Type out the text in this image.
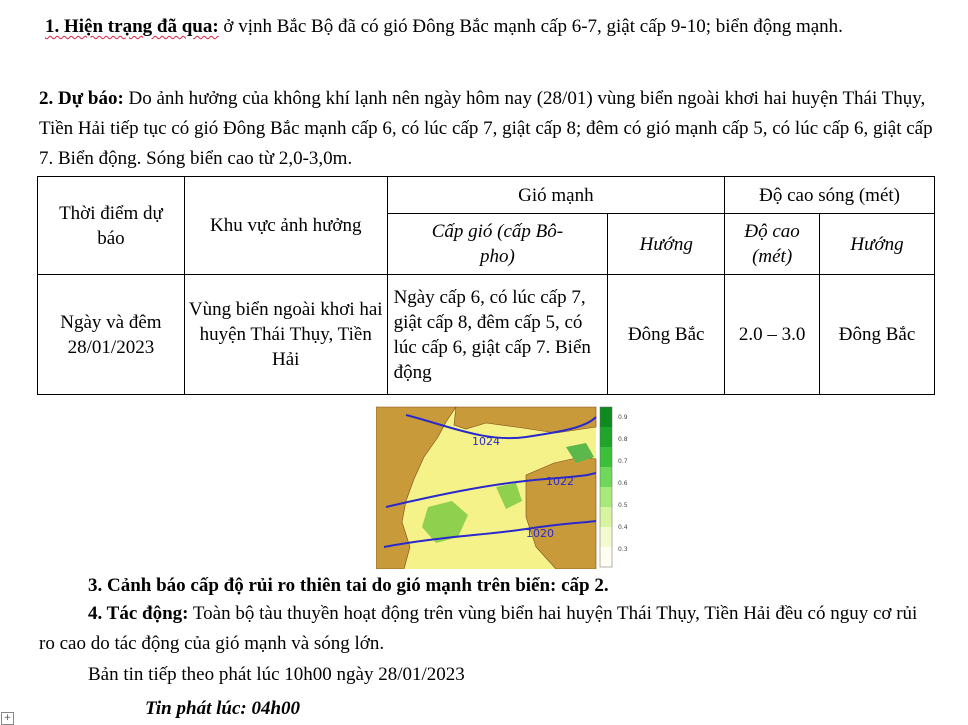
1. Hiện trạng đã qua: ở vịnh Bắc Bộ đã có gió Đông Bắc mạnh cấp 6-7, giật cấp 9-10; biển động mạnh.

2. Dự báo: Do ảnh hưởng của không khí lạnh nên ngày hôm nay (28/01) vùng biển ngoài khơi hai huyện Thái Thụy, Tiền Hải tiếp tục có gió Đông Bắc mạnh cấp 6, có lúc cấp 7, giật cấp 8; đêm có gió mạnh cấp 5, có lúc cấp 6, giật cấp 7. Biển động. Sóng biển cao từ 2,0-3,0m.

Thời điểm dự báo	Khu vực ảnh hưởng	Gió mạnh		Độ cao sóng (mét)	
		Cấp gió (cấp Bô-pho)	Hướng	Độ cao (mét)	Hướng
Ngày và đêm 28/01/2023	Vùng biển ngoài khơi hai huyện Thái Thụy, Tiền Hải	Ngày cấp 6, có lúc cấp 7, giật cấp 8, đêm cấp 5, có lúc cấp 6, giật cấp 7. Biển động	Đông Bắc	2.0 – 3.0	Đông Bắc
1024
1022
1020
0.9
0.8
0.7
0.6
0.5
0.4
0.3

3. Cảnh báo cấp độ rủi ro thiên tai do gió mạnh trên biển: cấp 2.

4. Tác động: Toàn bộ tàu thuyền hoạt động trên vùng biển hai huyện Thái Thụy, Tiền Hải đều có nguy cơ rủi ro cao do tác động của gió mạnh và sóng lớn.

Bản tin tiếp theo phát lúc 10h00 ngày 28/01/2023

Tin phát lúc: 04h00

+
